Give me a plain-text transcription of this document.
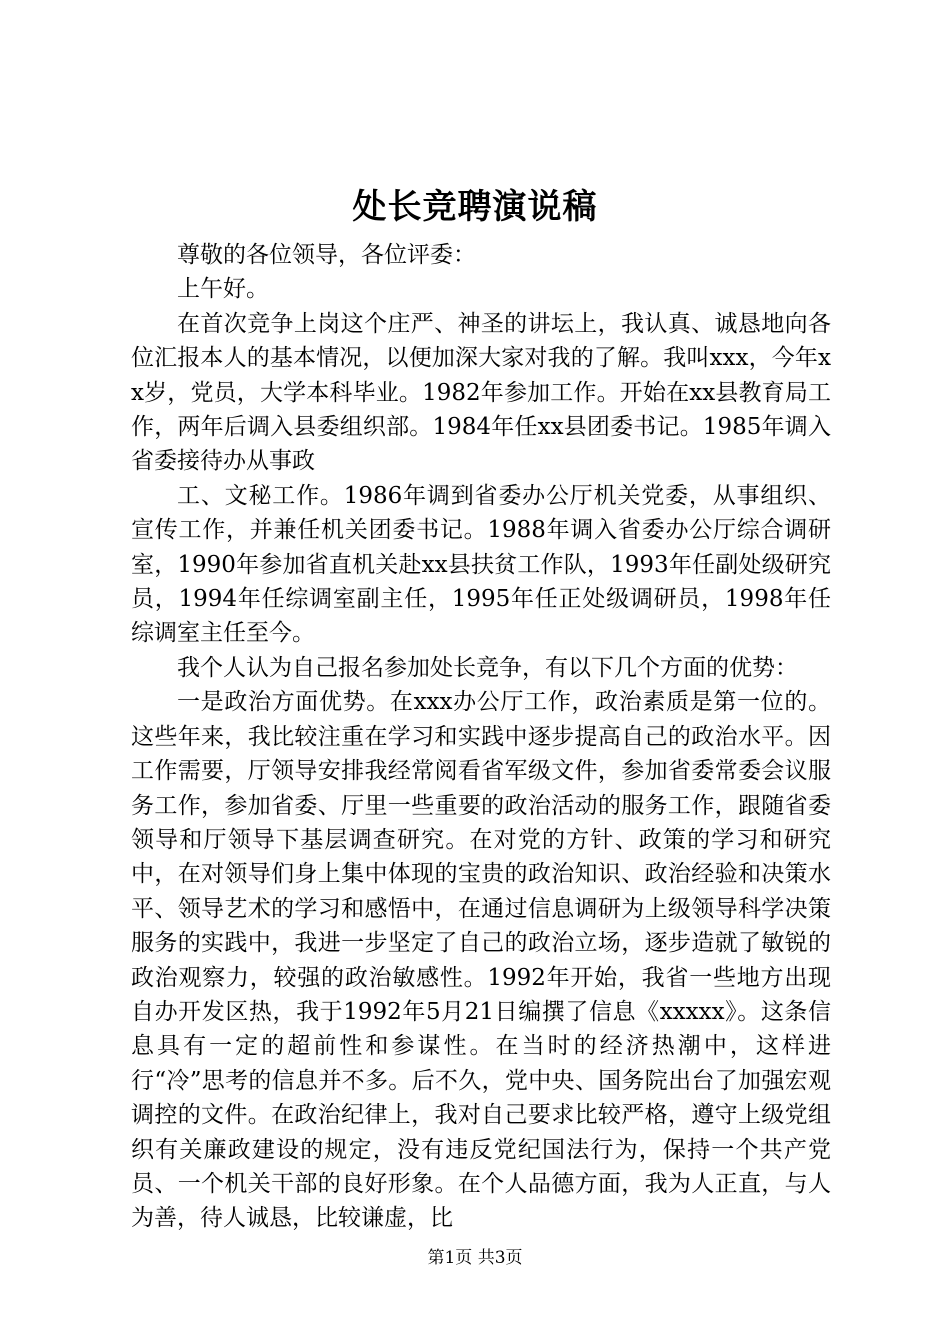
处长竞聘演说稿

尊敬的各位领导，各位评委：

上午好。

在首次竞争上岗这个庄严、神圣的讲坛上，我认真、诚恳地向各位汇报本人的基本情况，以便加深大家对我的了解。我叫xxx，今年xx岁，党员，大学本科毕业。1982年参加工作。开始在xx县教育局工作，两年后调入县委组织部。1984年任xx县团委书记。1985年调入省委接待办从事政

工、文秘工作。1986年调到省委办公厅机关党委，从事组织、宣传工作，并兼任机关团委书记。1988年调入省委办公厅综合调研室，1990年参加省直机关赴xx县扶贫工作队，1993年任副处级研究员，1994年任综调室副主任，1995年任正处级调研员，1998年任综调室主任至今。

我个人认为自己报名参加处长竞争，有以下几个方面的优势：

一是政治方面优势。在xxx办公厅工作，政治素质是第一位的。这些年来，我比较注重在学习和实践中逐步提高自己的政治水平。因工作需要，厅领导安排我经常阅看省军级文件，参加省委常委会议服务工作，参加省委、厅里一些重要的政治活动的服务工作，跟随省委领导和厅领导下基层调查研究。在对党的方针、政策的学习和研究中，在对领导们身上集中体现的宝贵的政治知识、政治经验和决策水平、领导艺术的学习和感悟中，在通过信息调研为上级领导科学决策服务的实践中，我进一步坚定了自己的政治立场，逐步造就了敏锐的政治观察力，较强的政治敏感性。1992年开始，我省一些地方出现自办开发区热，我于1992年5月21日编撰了信息《xxxxx》。这条信息具有一定的超前性和参谋性。在当时的经济热潮中，这样进行“冷”思考的信息并不多。后不久，党中央、国务院出台了加强宏观调控的文件。在政治纪律上，我对自己要求比较严格，遵守上级党组织有关廉政建设的规定，没有违反党纪国法行为，保持一个共产党员、一个机关干部的良好形象。在个人品德方面，我为人正直，与人为善，待人诚恳，比较谦虚，比

第1页 共3页
